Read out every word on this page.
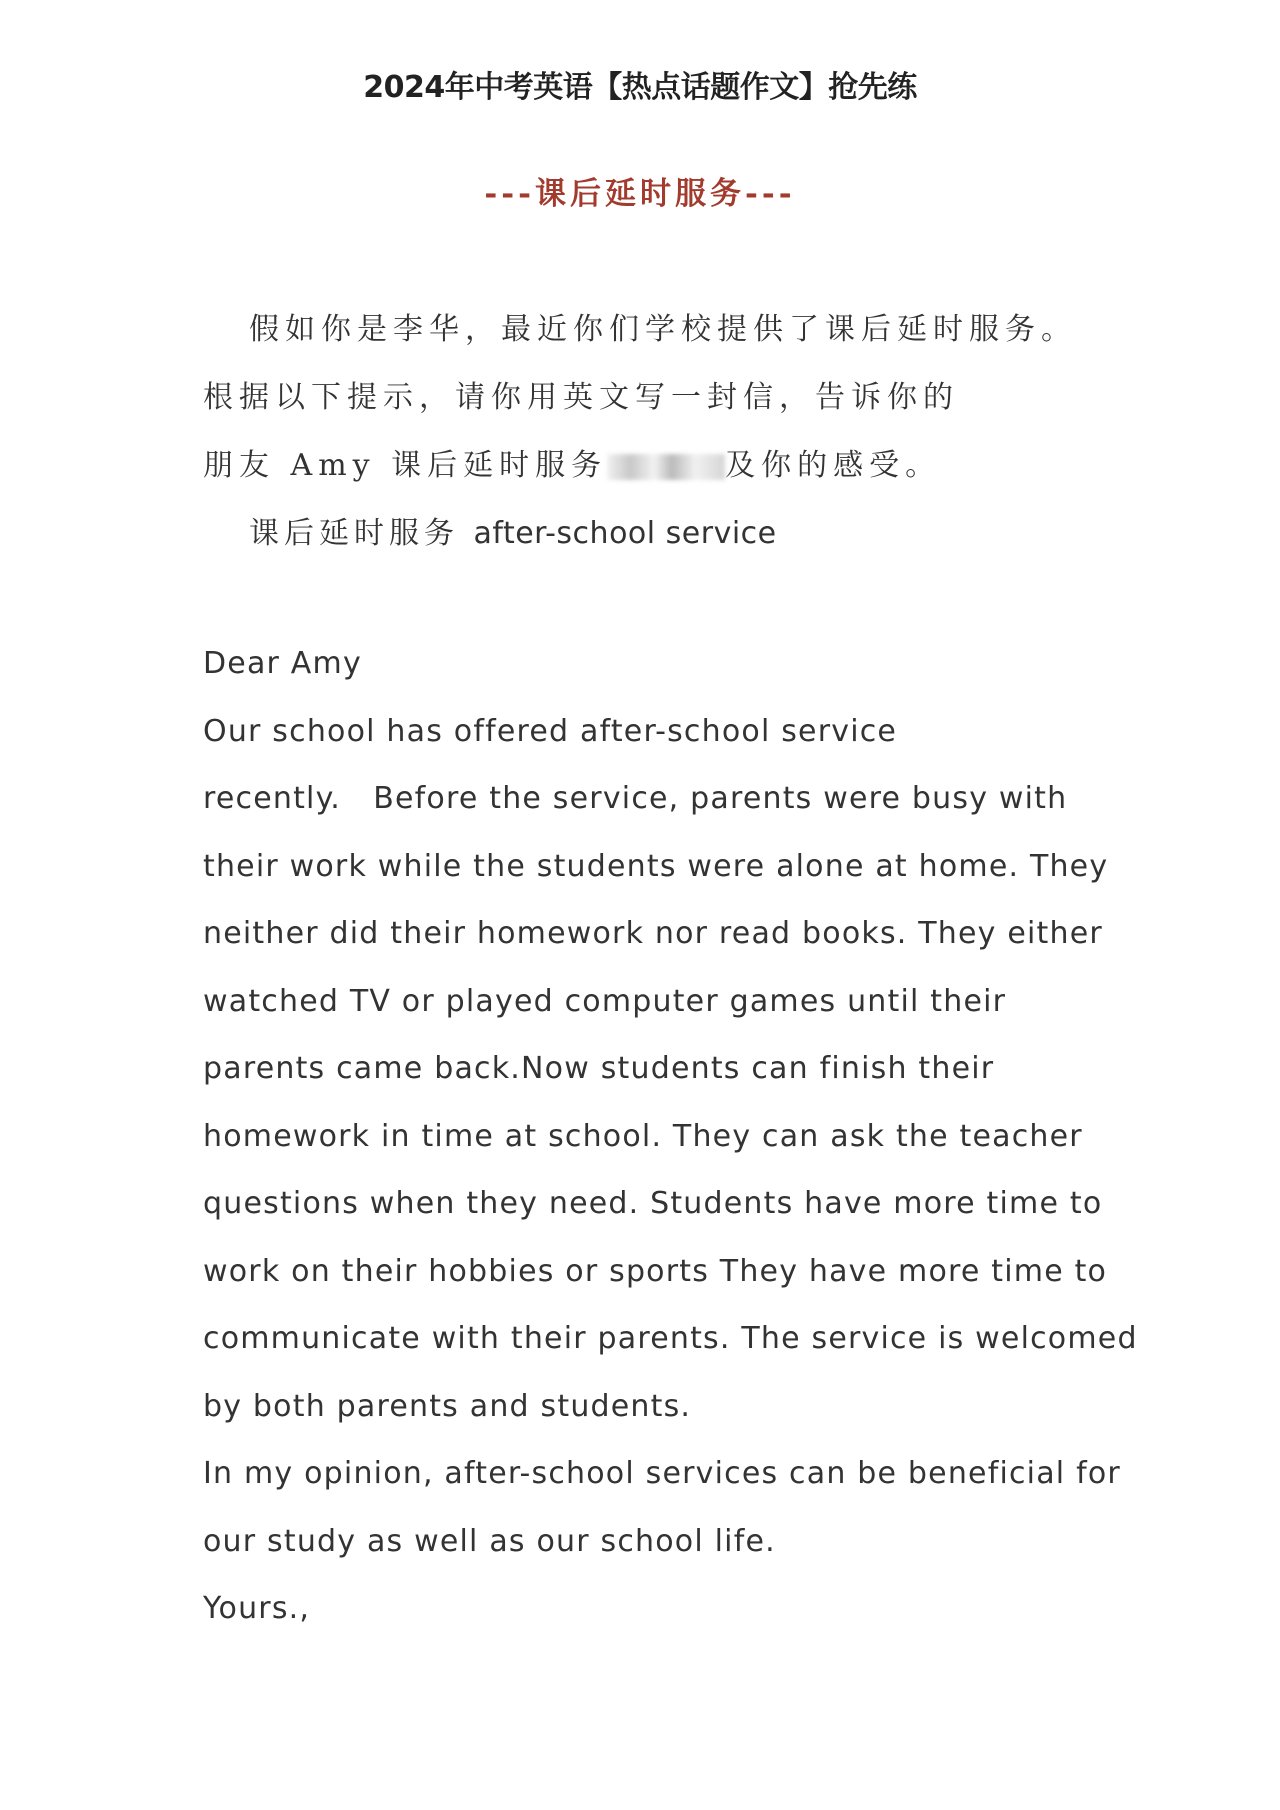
2024年中考英语【热点话题作文】抢先练
---课后延时服务---

假如你是李华，最近你们学校提供了课后延时服务。根据以下提示，请你用英文写一封信，告诉你的

朋友 Amy 课后延时服务	及你的感受。

课后延时服务 after-school service

Dear Amy
Our school has offered after-school service
recently.   Before the service, parents were busy with
their work while the students were alone at home. They
neither did their homework nor read books. They either
watched TV or played computer games until their
parents came back.Now students can finish their
homework in time at school. They can ask the teacher
questions when they need. Students have more time to
work on their hobbies or sports They have more time to
communicate with their parents. The service is welcomed
by both parents and students.
In my opinion, after-school services can be beneficial for
our study as well as our school life.
Yours.,
